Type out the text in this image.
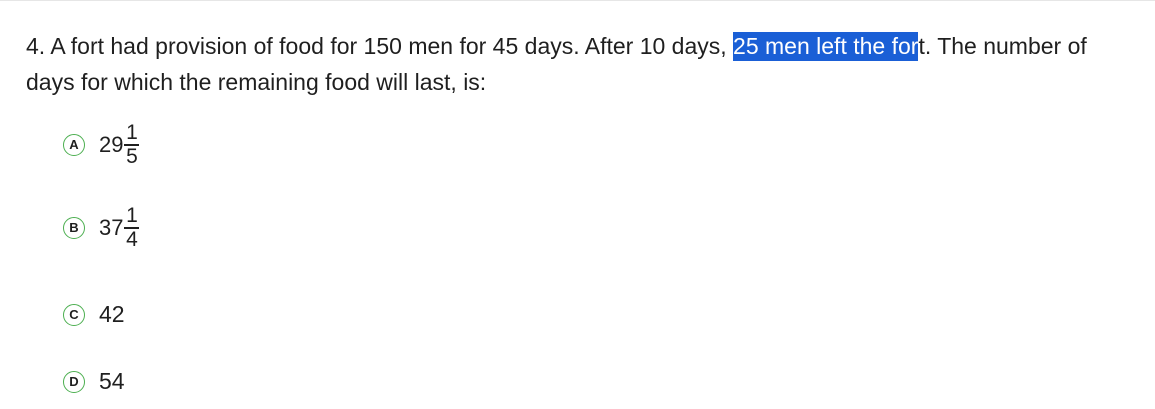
4. A fort had provision of food for 150 men for 45 days. After 10 days, 25 men left the fort. The number of days for which the remaining food will last, is:
A $29 \frac{1}{5}$
B $37 \frac{1}{4}$
C 42
D 54
